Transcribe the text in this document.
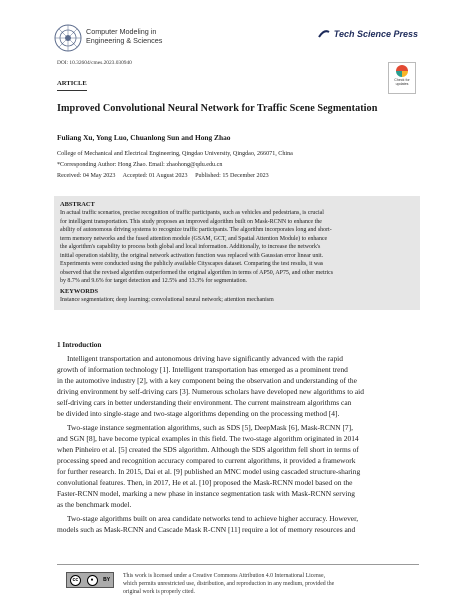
Computer Modeling in
Engineering & Sciences
Tech Science Press
DOI: 10.32604/cmes.2023.030940
ARTICLE	Check for
updates
Improved Convolutional Neural Network for Traffic Scene Segmentation
Fuliang Xu, Yong Luo, Chuanlong Sun and Hong Zhao
College of Mechanical and Electrical Engineering, Qingdao University, Qingdao, 266071, China
*Corresponding Author: Hong Zhao. Email: zhaohong@qdu.edu.cn
Received: 04 May 2023     Accepted: 01 August 2023     Published: 15 December 2023
ABSTRACT
In actual traffic scenarios, precise recognition of traffic participants, such as vehicles and pedestrians, is crucial
for intelligent transportation. This study proposes an improved algorithm built on Mask-RCNN to enhance the
ability of autonomous driving systems to recognize traffic participants. The algorithm incorporates long and short-
term memory networks and the fused attention module (GSAM, GCT, and Spatial Attention Module) to enhance
the algorithm's capability to process both global and local information. Additionally, to increase the network's
initial operation stability, the original network activation function was replaced with Gaussian error linear unit.
Experiments were conducted using the publicly available Cityscapes dataset. Comparing the test results, it was
observed that the revised algorithm outperformed the original algorithm in terms of AP50, AP75, and other metrics
by 8.7% and 9.6% for target detection and 12.5% and 13.3% for segmentation.
KEYWORDS
Instance segmentation; deep learning; convolutional neural network; attention mechanism
1 Introduction
Intelligent transportation and autonomous driving have significantly advanced with the rapid
growth of information technology [1]. Intelligent transportation has emerged as a prominent trend
in the automotive industry [2], with a key component being the observation and understanding of the
driving environment by self-driving cars [3]. Numerous scholars have developed new algorithms to aid
self-driving cars in better understanding their environment. The current mainstream algorithms can
be divided into single-stage and two-stage algorithms depending on the processing method [4].
Two-stage instance segmentation algorithms, such as SDS [5], DeepMask [6], Mask-RCNN [7],
and SGN [8], have become typical examples in this field. The two-stage algorithm originated in 2014
when Pinheiro et al. [5] created the SDS algorithm. Although the SDS algorithm fell short in terms of
processing speed and recognition accuracy compared to current algorithms, it provided a framework
for further research. In 2015, Dai et al. [9] published an MNC model using cascaded structure-sharing
convolutional features. Then, in 2017, He et al. [10] proposed the Mask-RCNN model based on the
Faster-RCNN model, marking a new phase in instance segmentation task with Mask-RCNN serving
as the benchmark model.
Two-stage algorithms built on area candidate networks tend to achieve higher accuracy. However,
models such as Mask-RCNN and Cascade Mask R-CNN [11] require a lot of memory resources and
cc	●	BY
This work is licensed under a Creative Commons Attribution 4.0 International License,
which permits unrestricted use, distribution, and reproduction in any medium, provided the
original work is properly cited.
